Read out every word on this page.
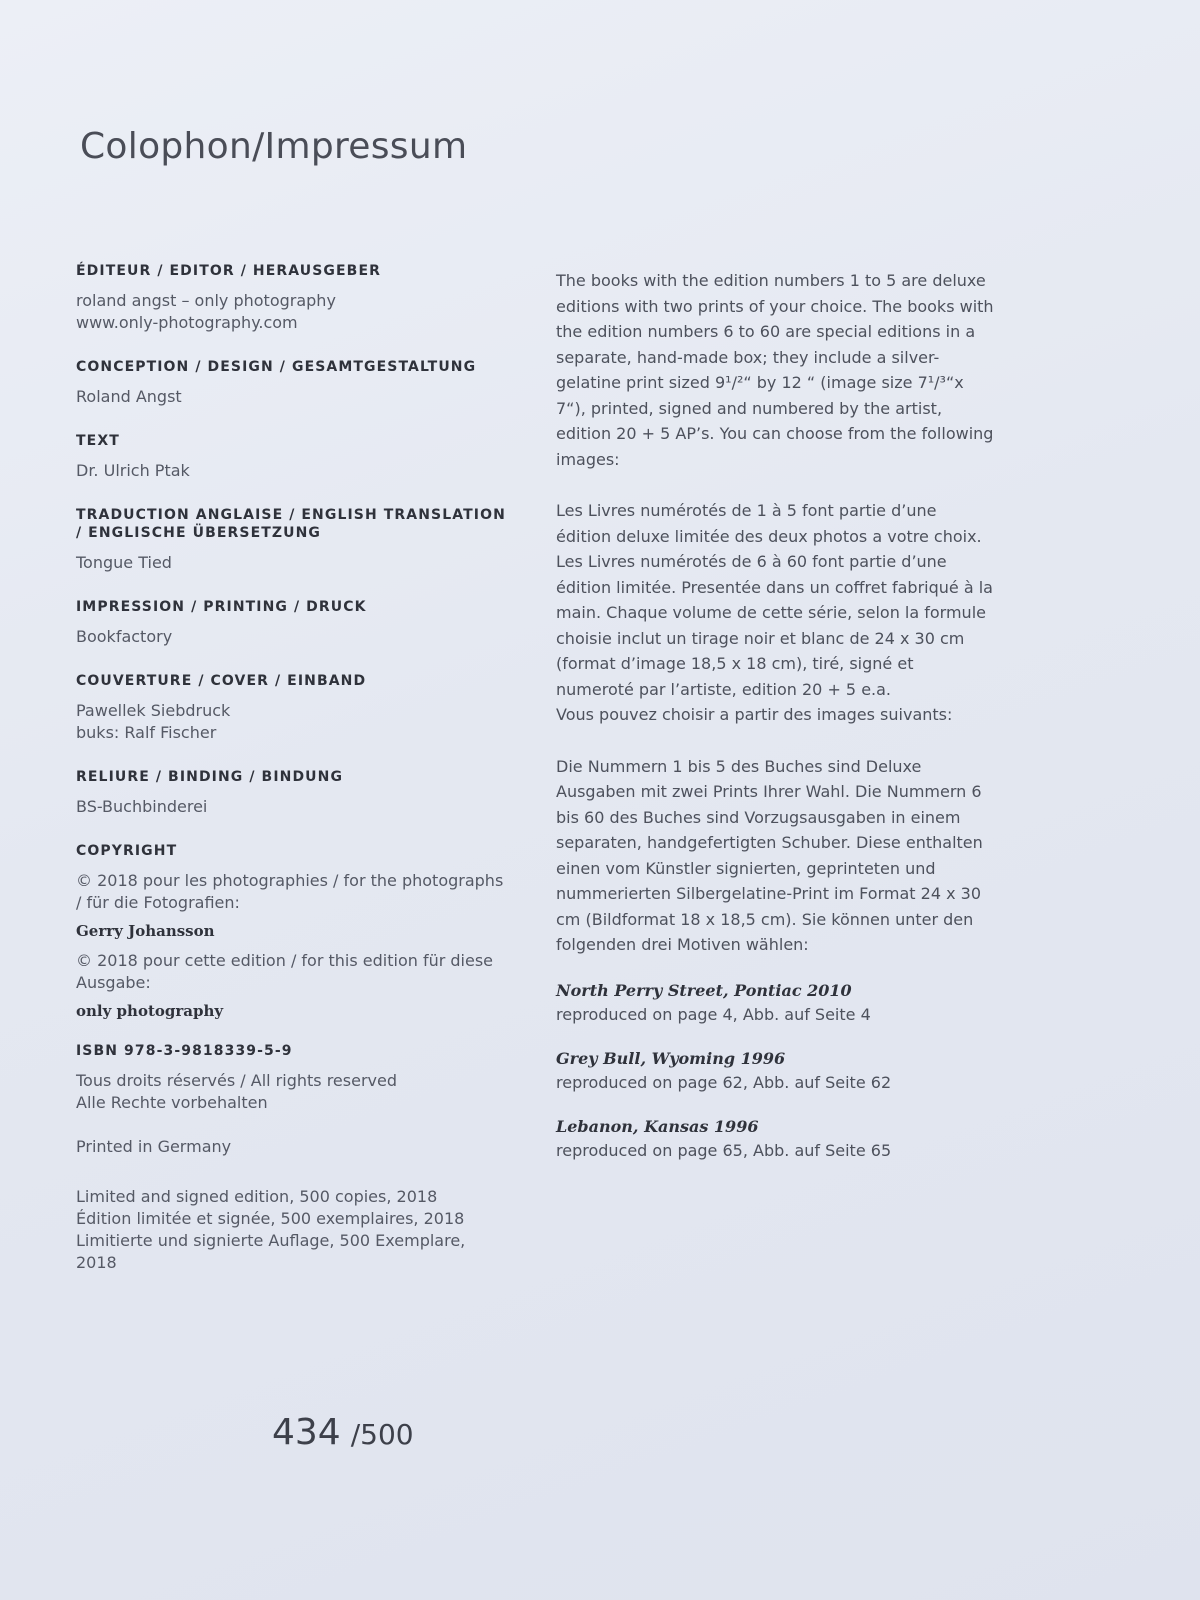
Colophon/Impressum

ÉDITEUR / EDITOR / HERAUSGEBER

roland angst – only photography

www.only-photography.com

CONCEPTION / DESIGN / GESAMTGESTALTUNG

Roland Angst

TEXT

Dr. Ulrich Ptak

TRADUCTION ANGLAISE / ENGLISH TRANSLATION / ENGLISCHE ÜBERSETZUNG

Tongue Tied

IMPRESSION / PRINTING / DRUCK

Bookfactory

COUVERTURE / COVER / EINBAND

Pawellek Siebdruck

buks: Ralf Fischer

RELIURE / BINDING / BINDUNG

BS-Buchbinderei

COPYRIGHT

© 2018 pour les photographies / for the photographs / für die Fotografien:

Gerry Johansson

© 2018 pour cette edition / for this edition für diese Ausgabe:

only photography

ISBN 978-3-9818339-5-9

Tous droits réservés / All rights reserved

Alle Rechte vorbehalten

Printed in Germany

Limited and signed edition, 500 copies, 2018

Édition limitée et signée, 500 exemplaires, 2018

Limitierte und signierte Auflage, 500 Exemplare, 2018

The books with the edition numbers 1 to 5 are deluxe editions with two prints of your choice. The books with the edition numbers 6 to 60 are special editions in a separate, hand-made box; they include a silver-gelatine print sized 9¹/²“ by 12 “ (image size 7¹/³“x 7“), printed, signed and numbered by the artist, edition 20 + 5 AP’s. You can choose from the following images:

Les Livres numérotés de 1 à 5 font partie d’une édition deluxe limitée des deux photos a votre choix. Les Livres numérotés de 6 à 60 font partie d’une édition limitée. Presentée dans un coffret fabriqué à la main. Chaque volume de cette série, selon la formule choisie inclut un tirage noir et blanc de 24 x 30 cm (format d’image 18,5 x 18 cm), tiré, signé et numeroté par l’artiste, edition 20 + 5 e.a.

Vous pouvez choisir a partir des images suivants:

Die Nummern 1 bis 5 des Buches sind Deluxe Ausgaben mit zwei Prints Ihrer Wahl. Die Nummern 6 bis 60 des Buches sind Vorzugsausgaben in einem separaten, handgefertigten Schuber. Diese enthalten einen vom Künstler signierten, geprinteten und nummerierten Silbergelatine-Print im Format 24 x 30 cm (Bildformat 18 x 18,5 cm). Sie können unter den folgenden drei Motiven wählen:

North Perry Street, Pontiac 2010

reproduced on page 4, Abb. auf Seite 4

Grey Bull, Wyoming 1996

reproduced on page 62, Abb. auf Seite 62

Lebanon, Kansas 1996

reproduced on page 65, Abb. auf Seite 65

434 /500
